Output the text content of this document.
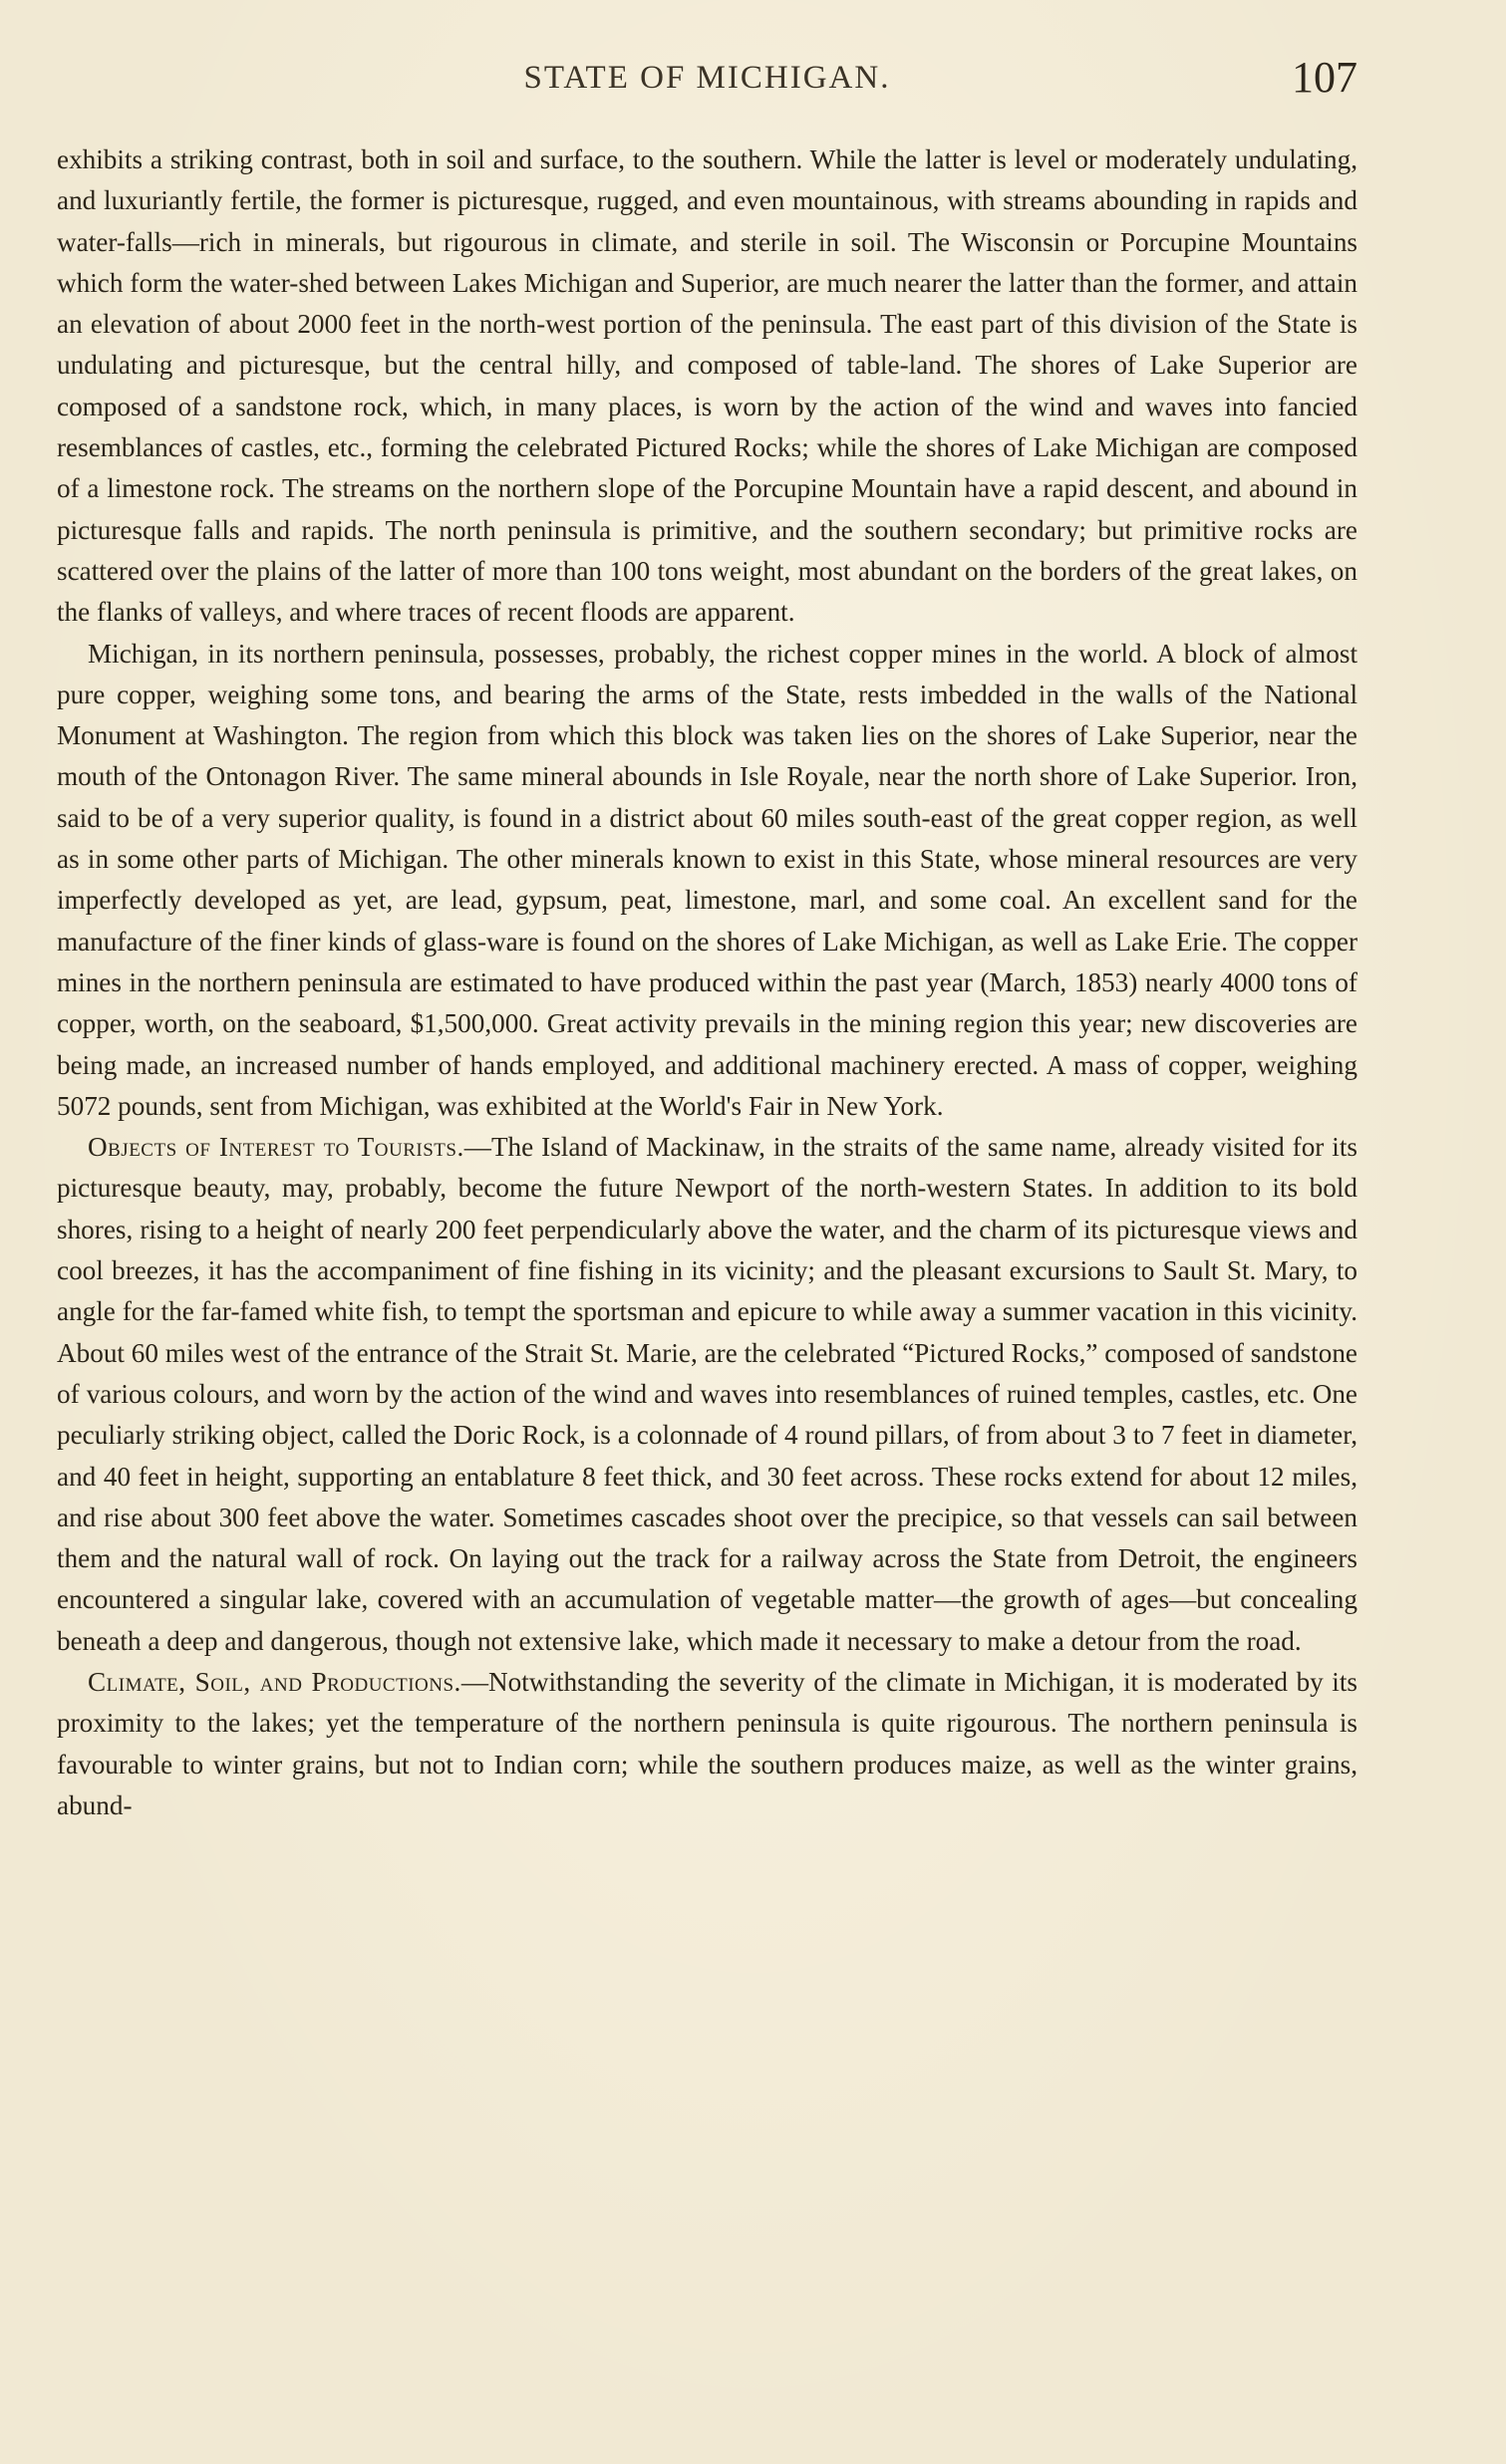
STATE OF MICHIGAN.	107

exhibits a striking contrast, both in soil and surface, to the southern. While the latter is level or moderately undulating, and luxuriantly fertile, the former is picturesque, rugged, and even mountainous, with streams abounding in rapids and water-falls—rich in minerals, but rigourous in climate, and sterile in soil. The Wisconsin or Porcupine Mountains which form the water-shed between Lakes Michigan and Superior, are much nearer the latter than the former, and attain an elevation of about 2000 feet in the north-west portion of the peninsula. The east part of this division of the State is undulating and picturesque, but the central hilly, and composed of table-land. The shores of Lake Superior are composed of a sandstone rock, which, in many places, is worn by the action of the wind and waves into fancied resemblances of castles, etc., forming the celebrated Pictured Rocks; while the shores of Lake Michigan are composed of a limestone rock. The streams on the northern slope of the Porcupine Mountain have a rapid descent, and abound in picturesque falls and rapids. The north peninsula is primitive, and the southern secondary; but primitive rocks are scattered over the plains of the latter of more than 100 tons weight, most abundant on the borders of the great lakes, on the flanks of valleys, and where traces of recent floods are apparent.

Michigan, in its northern peninsula, possesses, probably, the richest copper mines in the world. A block of almost pure copper, weighing some tons, and bearing the arms of the State, rests imbedded in the walls of the National Monument at Washington. The region from which this block was taken lies on the shores of Lake Superior, near the mouth of the Ontonagon River. The same mineral abounds in Isle Royale, near the north shore of Lake Superior. Iron, said to be of a very superior quality, is found in a district about 60 miles south-east of the great copper region, as well as in some other parts of Michigan. The other minerals known to exist in this State, whose mineral resources are very imperfectly developed as yet, are lead, gypsum, peat, limestone, marl, and some coal. An excellent sand for the manufacture of the finer kinds of glass-ware is found on the shores of Lake Michigan, as well as Lake Erie. The copper mines in the northern peninsula are estimated to have produced within the past year (March, 1853) nearly 4000 tons of copper, worth, on the seaboard, $1,500,000. Great activity prevails in the mining region this year; new discoveries are being made, an increased number of hands employed, and additional machinery erected. A mass of copper, weighing 5072 pounds, sent from Michigan, was exhibited at the World's Fair in New York.

Objects of Interest to Tourists.—The Island of Mackinaw, in the straits of the same name, already visited for its picturesque beauty, may, probably, become the future Newport of the north-western States. In addition to its bold shores, rising to a height of nearly 200 feet perpendicularly above the water, and the charm of its picturesque views and cool breezes, it has the accompaniment of fine fishing in its vicinity; and the pleasant excursions to Sault St. Mary, to angle for the far-famed white fish, to tempt the sportsman and epicure to while away a summer vacation in this vicinity. About 60 miles west of the entrance of the Strait St. Marie, are the celebrated “Pictured Rocks,” composed of sandstone of various colours, and worn by the action of the wind and waves into resemblances of ruined temples, castles, etc. One peculiarly striking object, called the Doric Rock, is a colonnade of 4 round pillars, of from about 3 to 7 feet in diameter, and 40 feet in height, supporting an entablature 8 feet thick, and 30 feet across. These rocks extend for about 12 miles, and rise about 300 feet above the water. Sometimes cascades shoot over the precipice, so that vessels can sail between them and the natural wall of rock. On laying out the track for a railway across the State from Detroit, the engineers encountered a singular lake, covered with an accumulation of vegetable matter—the growth of ages—but concealing beneath a deep and dangerous, though not extensive lake, which made it necessary to make a detour from the road.

Climate, Soil, and Productions.—Notwithstanding the severity of the climate in Michigan, it is moderated by its proximity to the lakes; yet the temperature of the northern peninsula is quite rigourous. The northern peninsula is favourable to winter grains, but not to Indian corn; while the southern produces maize, as well as the winter grains, abund-
